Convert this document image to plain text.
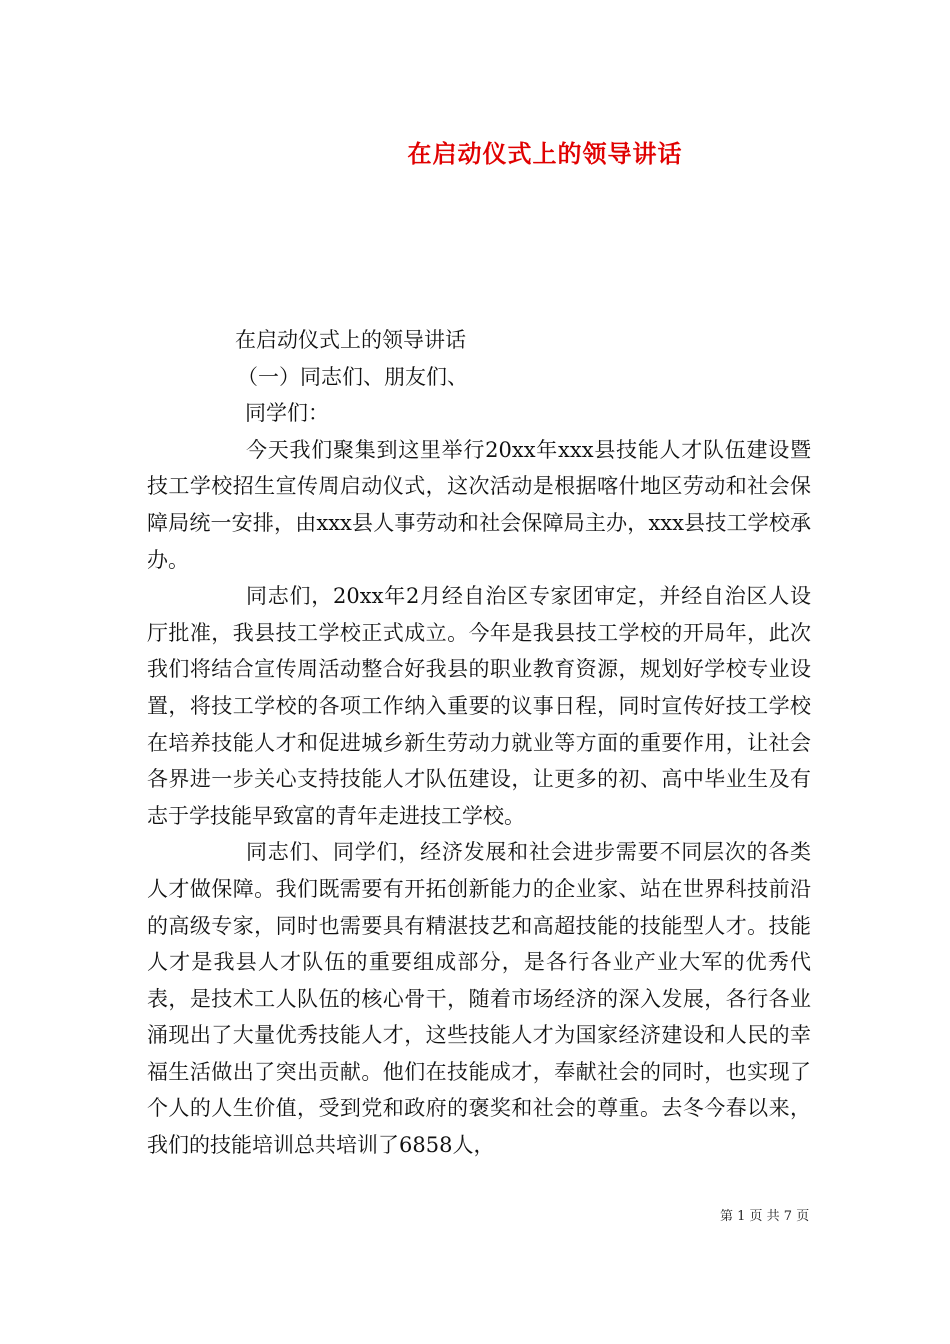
在启动仪式上的领导讲话
在启动仪式上的领导讲话
（一）同志们、朋友们、
同学们：
今天我们聚集到这里举行20xx年xxx县技能人才队伍建设暨技工学校招生宣传周启动仪式，这次活动是根据喀什地区劳动和社会保障局统一安排，由xxx县人事劳动和社会保障局主办，xxx县技工学校承办。
同志们，20xx年2月经自治区专家团审定，并经自治区人设厅批准，我县技工学校正式成立。今年是我县技工学校的开局年，此次我们将结合宣传周活动整合好我县的职业教育资源，规划好学校专业设置，将技工学校的各项工作纳入重要的议事日程，同时宣传好技工学校在培养技能人才和促进城乡新生劳动力就业等方面的重要作用，让社会各界进一步关心支持技能人才队伍建设，让更多的初、高中毕业生及有志于学技能早致富的青年走进技工学校。
同志们、同学们，经济发展和社会进步需要不同层次的各类人才做保障。我们既需要有开拓创新能力的企业家、站在世界科技前沿的高级专家，同时也需要具有精湛技艺和高超技能的技能型人才。技能人才是我县人才队伍的重要组成部分，是各行各业产业大军的优秀代表，是技术工人队伍的核心骨干，随着市场经济的深入发展，各行各业涌现出了大量优秀技能人才，这些技能人才为国家经济建设和人民的幸福生活做出了突出贡献。他们在技能成才，奉献社会的同时，也实现了个人的人生价值，受到党和政府的褒奖和社会的尊重。去冬今春以来，我们的技能培训总共培训了6858人，
第 1 页 共 7 页
